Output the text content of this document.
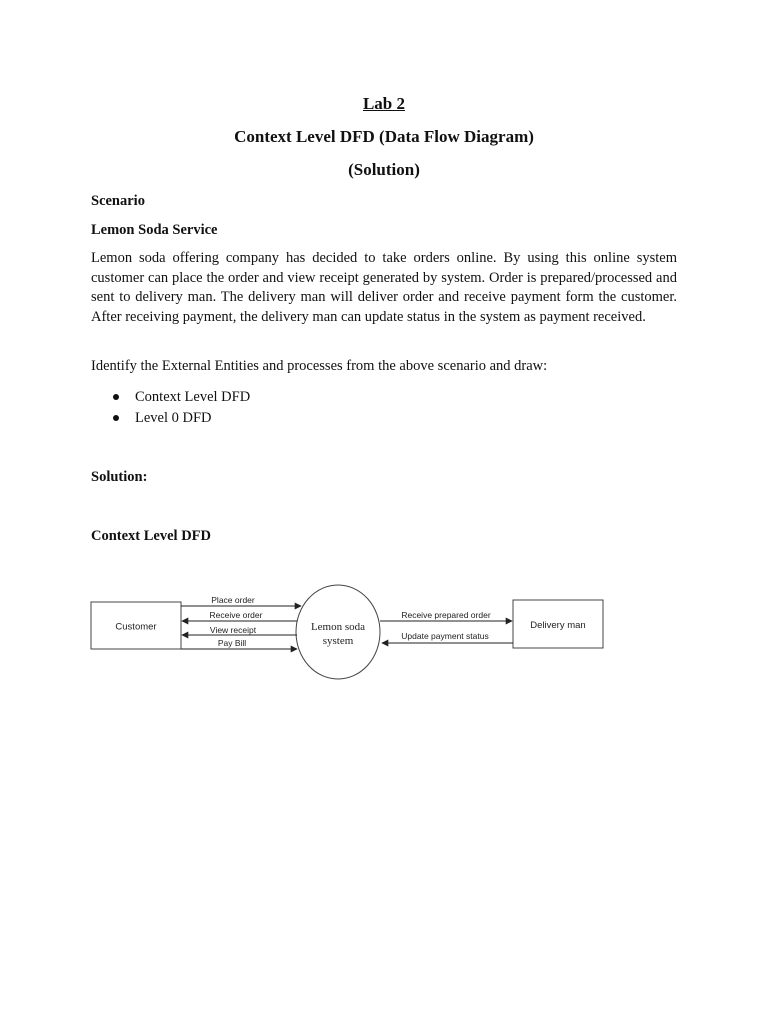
Lab 2
Context Level DFD (Data Flow Diagram)
(Solution)
Scenario
Lemon Soda Service
Lemon soda offering company has decided to take orders online. By using this online system customer can place the order and view receipt generated by system. Order is prepared/processed and sent to delivery man. The delivery man will deliver order and receive payment form the customer. After receiving payment, the delivery man can update status in the system as payment received.
Identify the External Entities and processes from the above scenario and draw:
Context Level DFD
Level 0 DFD
Solution:
Context Level DFD
Customer	Lemon soda
system
Delivery man
Place order
Receive order
View receipt
Pay Bill
Receive prepared order
Update payment status
